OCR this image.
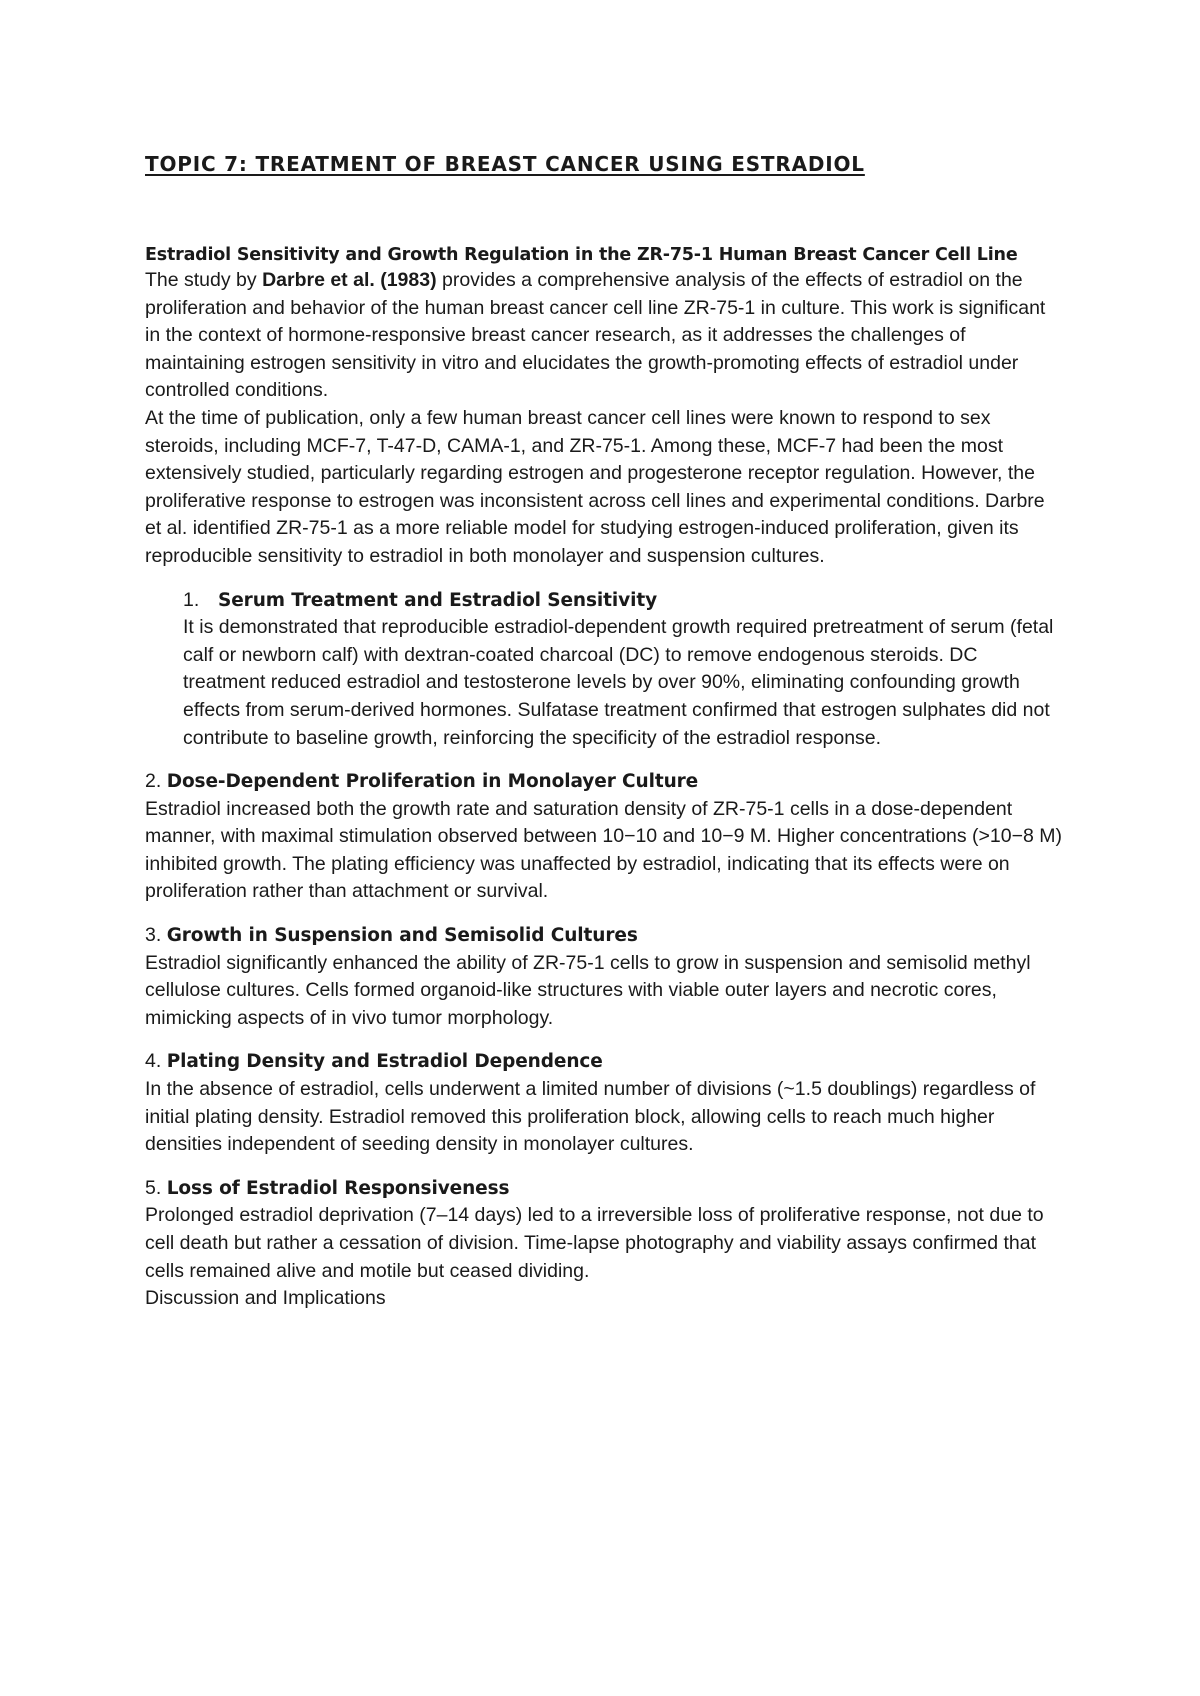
TOPIC 7: TREATMENT OF BREAST CANCER USING ESTRADIOL
Estradiol Sensitivity and Growth Regulation in the ZR-75-1 Human Breast Cancer Cell Line

The study by Darbre et al. (1983) provides a comprehensive analysis of the effects of estradiol on the proliferation and behavior of the human breast cancer cell line ZR-75-1 in culture. This work is significant in the context of hormone-responsive breast cancer research, as it addresses the challenges of maintaining estrogen sensitivity in vitro and elucidates the growth-promoting effects of estradiol under controlled conditions.

At the time of publication, only a few human breast cancer cell lines were known to respond to sex steroids, including MCF-7, T-47-D, CAMA-1, and ZR-75-1. Among these, MCF-7 had been the most extensively studied, particularly regarding estrogen and progesterone receptor regulation. However, the proliferative response to estrogen was inconsistent across cell lines and experimental conditions. Darbre et al. identified ZR-75-1 as a more reliable model for studying estrogen-induced proliferation, given its reproducible sensitivity to estradiol in both monolayer and suspension cultures.

1.	Serum Treatment and Estradiol Sensitivity

It is demonstrated that reproducible estradiol-dependent growth required pretreatment of serum (fetal calf or newborn calf) with dextran-coated charcoal (DC) to remove endogenous steroids. DC treatment reduced estradiol and testosterone levels by over 90%, eliminating confounding growth effects from serum-derived hormones. Sulfatase treatment confirmed that estrogen sulphates did not contribute to baseline growth, reinforcing the specificity of the estradiol response.

2. Dose-Dependent Proliferation in Monolayer Culture

Estradiol increased both the growth rate and saturation density of ZR-75-1 cells in a dose-dependent manner, with maximal stimulation observed between 10−10 and 10−9 M. Higher concentrations (>10−8 M) inhibited growth. The plating efficiency was unaffected by estradiol, indicating that its effects were on proliferation rather than attachment or survival.

3. Growth in Suspension and Semisolid Cultures

Estradiol significantly enhanced the ability of ZR-75-1 cells to grow in suspension and semisolid methyl cellulose cultures. Cells formed organoid-like structures with viable outer layers and necrotic cores, mimicking aspects of in vivo tumor morphology.

4. Plating Density and Estradiol Dependence

In the absence of estradiol, cells underwent a limited number of divisions (~1.5 doublings) regardless of initial plating density. Estradiol removed this proliferation block, allowing cells to reach much higher densities independent of seeding density in monolayer cultures.

5. Loss of Estradiol Responsiveness

Prolonged estradiol deprivation (7–14 days) led to a irreversible loss of proliferative response, not due to cell death but rather a cessation of division. Time-lapse photography and viability assays confirmed that cells remained alive and motile but ceased dividing.

Discussion and Implications
